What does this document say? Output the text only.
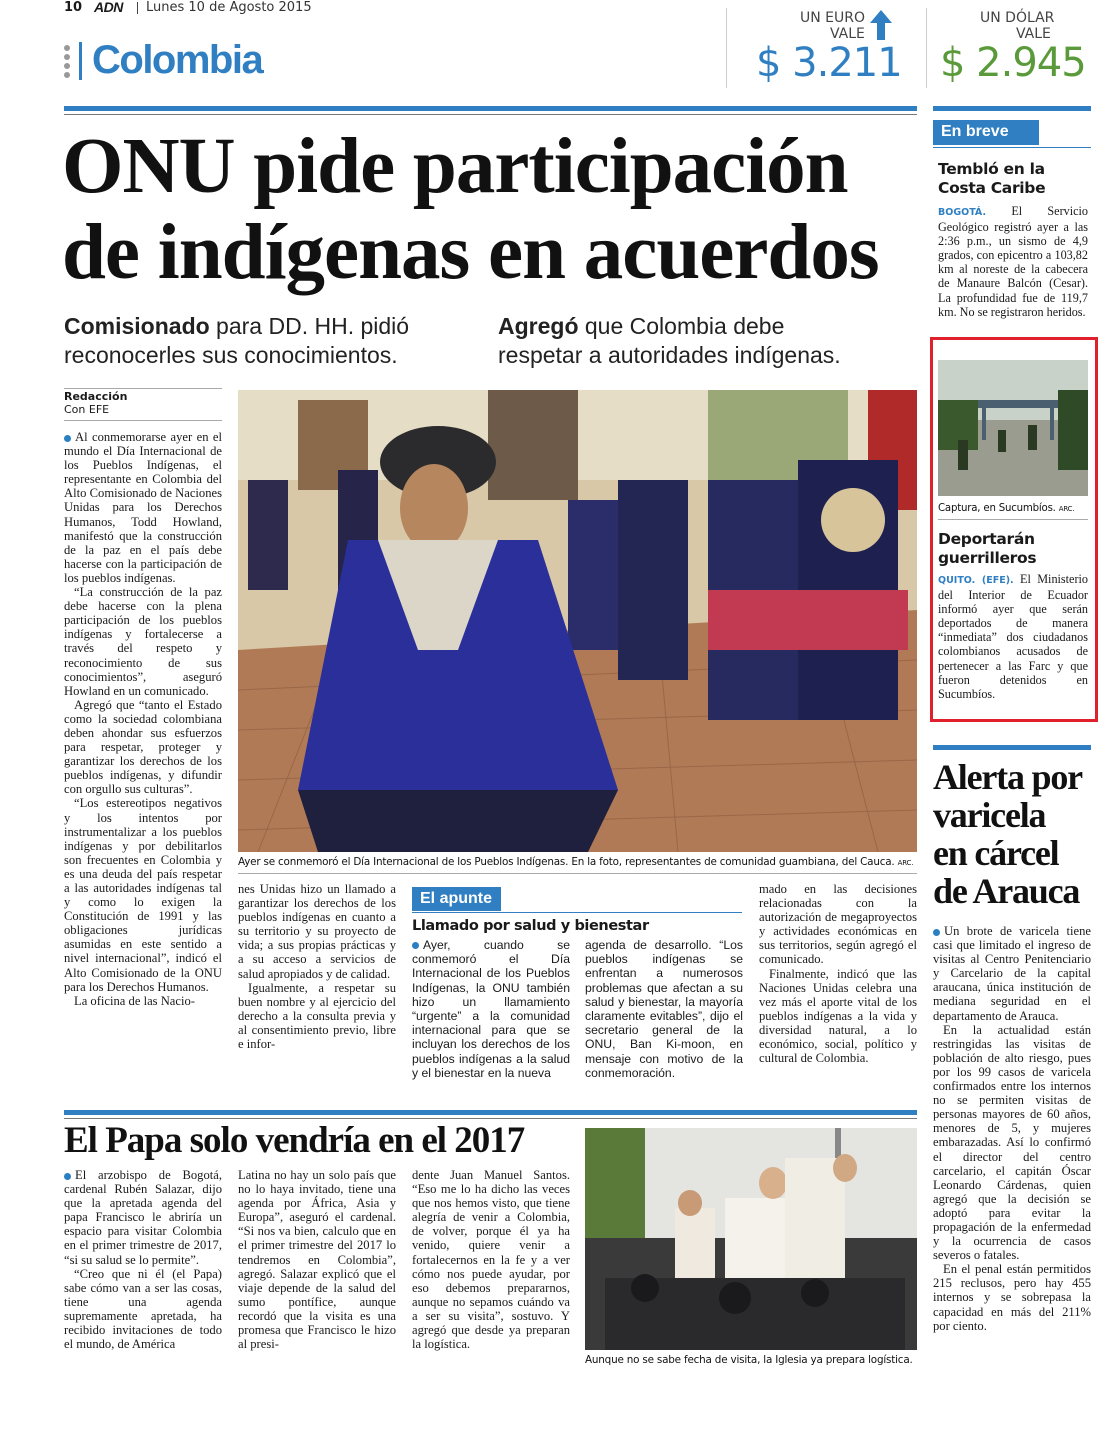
10 ADN Lunes 10 de Agosto 2015
Colombia
UN EURO
VALE
$ 3.211
UN DÓLAR
VALE
$ 2.945
ONU pide participación
de indígenas en acuerdos
Comisionado para DD. HH. pidió
reconocerles sus conocimientos.
Agregó que Colombia debe
respetar a autoridades indígenas.
Redacción
Con EFE

Al conmemorarse ayer en el mundo el Día Internacional de los Pueblos Indígenas, el representante en Colombia del Alto Comisionado de Naciones Unidas para los Derechos Humanos, Todd Howland, manifestó que la construcción de la paz en el país debe hacerse con la participación de los pueblos indígenas.

“La construcción de la paz debe hacerse con la plena participación de los pueblos indígenas y fortalecerse a través del respeto y reconocimiento de sus conocimientos”, aseguró Howland en un comunicado.

Agregó que “tanto el Estado como la sociedad colombiana deben ahondar sus esfuerzos para respetar, proteger y garantizar los derechos de los pueblos indígenas, y difundir con orgullo sus culturas”.

“Los estereotipos negativos y los intentos por instrumentalizar a los pueblos indígenas y por debilitarlos son frecuentes en Colombia y es una deuda del país respetar a las autoridades indígenas tal y como lo exigen la Constitución de 1991 y las obligaciones jurídicas asumidas en este sentido a nivel internacional”, indicó el Alto Comisionado de la ONU para los Derechos Humanos.

La oficina de las Nacio-

Ayer se conmemoró el Día Internacional de los Pueblos Indígenas. En la foto, representantes de comunidad guambiana, del Cauca. ARC.

nes Unidas hizo un llamado a garantizar los derechos de los pueblos indígenas en cuanto a su territorio y su proyecto de vida; a sus propias prácticas y a su acceso a servicios de salud apropiados y de calidad.

Igualmente, a respetar su buen nombre y al ejercicio del derecho a la consulta previa y al consentimiento previo, libre e infor-

El apunte
Llamado por salud y bienestar
Ayer, cuando se conmemoró el Día Internacional de los Pueblos Indígenas, la ONU también hizo un llamamiento “urgente” a la comunidad internacional para que se incluyan los derechos de los pueblos indígenas a la salud y el bienestar en la nueva
agenda de desarrollo. “Los pueblos indígenas se enfrentan a numerosos problemas que afectan a su salud y bienestar, la mayoría claramente evitables”, dijo el secretario general de la ONU, Ban Ki-moon, en mensaje con motivo de la conmemoración.

mado en las decisiones relacionadas con la autorización de megaproyectos y actividades económicas en sus territorios, según agregó el comunicado.

Finalmente, indicó que las Naciones Unidas celebra una vez más el aporte vital de los pueblos indígenas a la vida y diversidad natural, a lo económico, social, político y cultural de Colombia.

En breve
Tembló en la
Costa Caribe
BOGOTÁ. El Servicio Geológico registró ayer a las 2:36 p.m., un sismo de 4,9 grados, con epicentro a 103,82 km al noreste de la cabecera de Manaure Balcón (Cesar). La profundidad fue de 119,7 km. No se registraron heridos.
Captura, en Sucumbíos. ARC.
Deportarán
guerrilleros
QUITO. (EFE). El Ministerio del Interior de Ecuador informó ayer que serán deportados de manera “inmediata” dos ciudadanos colombianos acusados de pertenecer a las Farc y que fueron detenidos en Sucumbíos.
Alerta por
varicela
en cárcel
de Arauca

Un brote de varicela tiene casi que limitado el ingreso de visitas al Centro Penitenciario y Carcelario de la capital araucana, única institución de mediana seguridad en el departamento de Arauca.

En la actualidad están restringidas las visitas de población de alto riesgo, pues por los 99 casos de varicela confirmados entre los internos no se permiten visitas de personas mayores de 60 años, menores de 5, y mujeres embarazadas. Así lo confirmó el director del centro carcelario, el capitán Óscar Leonardo Cárdenas, quien agregó que la decisión se adoptó para evitar la propagación de la enfermedad y la ocurrencia de casos severos o fatales.

En el penal están permitidos 215 reclusos, pero hay 455 internos y se sobrepasa la capacidad en más del 211% por ciento.

El Papa solo vendría en el 2017

El arzobispo de Bogotá, cardenal Rubén Salazar, dijo que la apretada agenda del papa Francisco le abriría un espacio para visitar Colombia en el primer trimestre de 2017, “si su salud se lo permite”.

“Creo que ni él (el Papa) sabe cómo van a ser las cosas, tiene una agenda supremamente apretada, ha recibido invitaciones de todo el mundo, de América

Latina no hay un solo país que no lo haya invitado, tiene una agenda por África, Asia y Europa”, aseguró el cardenal. “Si nos va bien, calculo que en el primer trimestre del 2017 lo tendremos en Colombia”, agregó. Salazar explicó que el viaje depende de la salud del sumo pontífice, aunque recordó que la visita es una promesa que Francisco le hizo al presi-

dente Juan Manuel Santos. “Eso me lo ha dicho las veces que nos hemos visto, que tiene alegría de venir a Colombia, de volver, porque él ya ha venido, quiere venir a fortalecernos en la fe y a ver cómo nos puede ayudar, por eso debemos prepararnos, aunque no sepamos cuándo va a ser su visita”, sostuvo. Y agregó que desde ya preparan la logística.

Aunque no se sabe fecha de visita, la Iglesia ya prepara logística.
